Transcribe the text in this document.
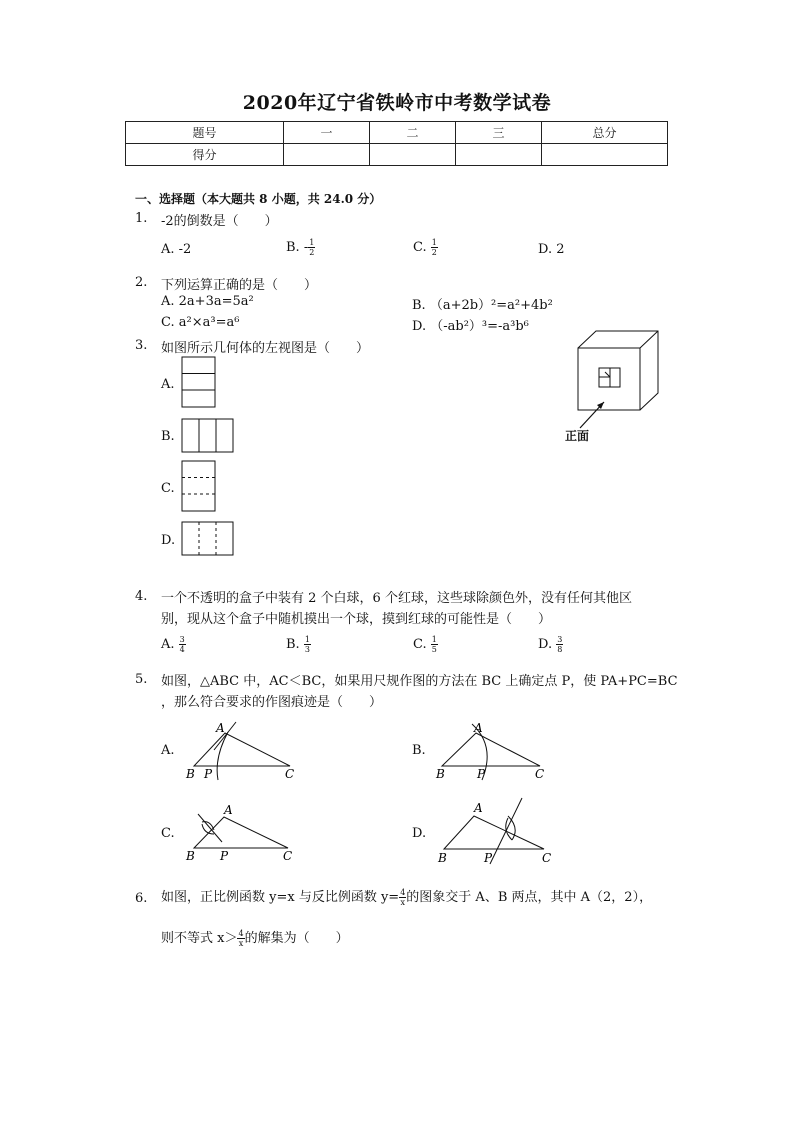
2020年辽宁省铁岭市中考数学试卷
题号	一	二	三	总分
得分				
一、选择题（本大题共 8 小题，共 24.0 分）
1. -2的倒数是（　　）
A. -2	B. - $\frac{1}{2}$	C. $\frac{1}{2}$	D. 2
2. 下列运算正确的是（　　）
A. 2a+3a=5a²	B. （a+2b）²=a²+4b²
C. a²×a³=a⁶	D. （-ab²）³=-a³b⁶
3. 如图所示几何体的左视图是（　　）
A.
B.
C.
D.
正面
4. 一个不透明的盒子中装有 2 个白球，6 个红球，这些球除颜色外，没有任何其他区
别，现从这个盒子中随机摸出一个球，摸到红球的可能性是（　　）
A. $\frac{3}{4}$	B. $\frac{1}{3}$	C. $\frac{1}{5}$	D. $\frac{3}{8}$
5. 如图，△ABC 中，AC＜BC，如果用尺规作图的方法在 BC 上确定点 P，使 PA+PC=BC
，那么符合要求的作图痕迹是（　　）
A.
A
B P	C
B.
A
B	P	C
C.
A
B P	C
D.
A
B	P	C
6. 如图，正比例函数 y=x 与反比例函数 $y= \frac{4}{x}$ 的图象交于 A、B 两点，其中 A（2，2），
则不等式 $x> \frac{4}{x}$ 的解集为（　　）
